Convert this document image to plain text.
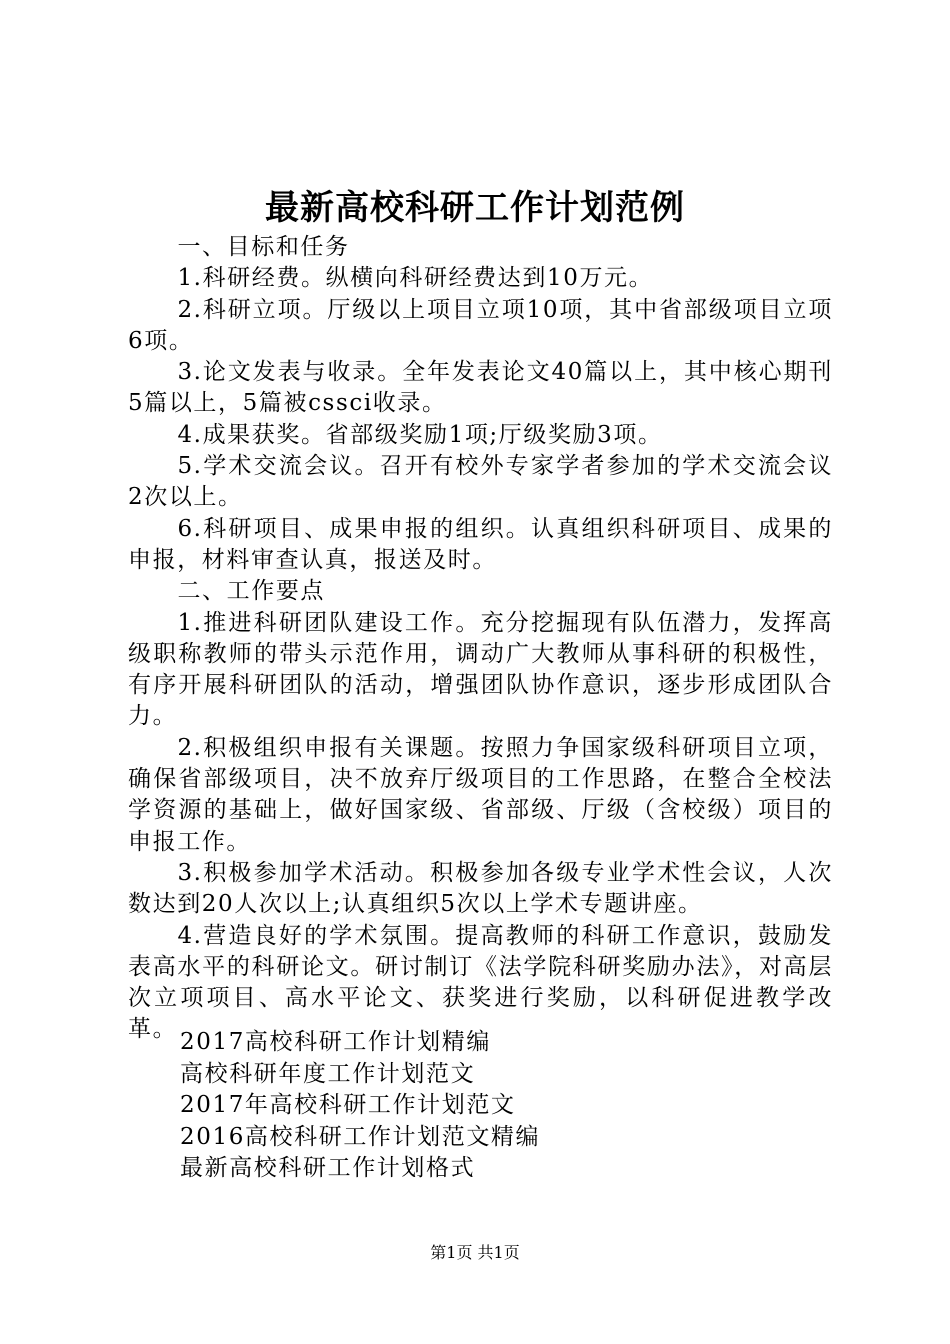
最新高校科研工作计划范例

一、目标和任务

1.科研经费。纵横向科研经费达到10万元。

2.科研立项。厅级以上项目立项10项，其中省部级项目立项6项。

3.论文发表与收录。全年发表论文40篇以上，其中核心期刊5篇以上，5篇被cssci收录。

4.成果获奖。省部级奖励1项;厅级奖励3项。

5.学术交流会议。召开有校外专家学者参加的学术交流会议2次以上。

6.科研项目、成果申报的组织。认真组织科研项目、成果的申报，材料审查认真，报送及时。

二、工作要点

1.推进科研团队建设工作。充分挖掘现有队伍潜力，发挥高级职称教师的带头示范作用，调动广大教师从事科研的积极性，有序开展科研团队的活动，增强团队协作意识，逐步形成团队合力。

2.积极组织申报有关课题。按照力争国家级科研项目立项，确保省部级项目，决不放弃厅级项目的工作思路，在整合全校法学资源的基础上，做好国家级、省部级、厅级（含校级）项目的申报工作。

3.积极参加学术活动。积极参加各级专业学术性会议，人次数达到20人次以上;认真组织5次以上学术专题讲座。

4.营造良好的学术氛围。提高教师的科研工作意识，鼓励发表高水平的科研论文。研讨制订《法学院科研奖励办法》，对高层次立项项目、高水平论文、获奖进行奖励，以科研促进教学改革。 2017高校科研工作计划精编
高校科研年度工作计划范文
2017年高校科研工作计划范文
2016高校科研工作计划范文精编
最新高校科研工作计划格式
第1页 共1页
